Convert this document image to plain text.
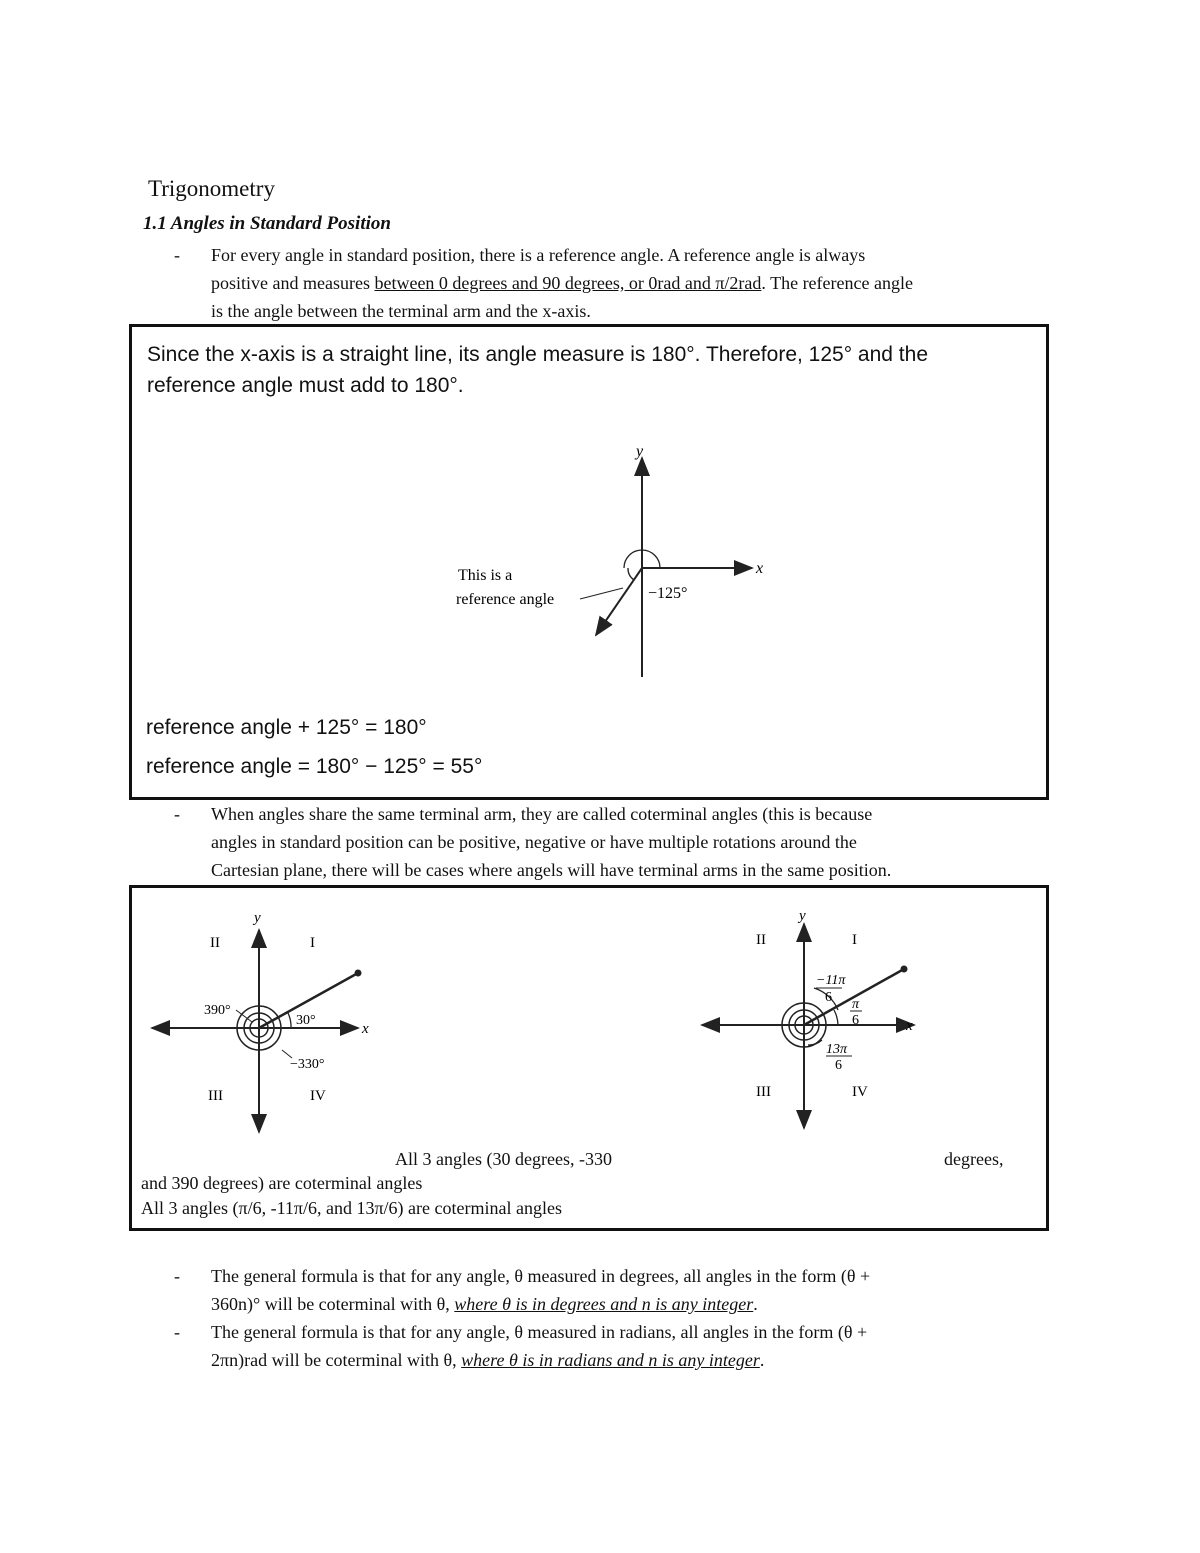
Trigonometry
1.1 Angles in Standard Position
- For every angle in standard position, there is a reference angle. A reference angle is always
positive and measures between 0 degrees and 90 degrees, or 0rad and π/2rad. The reference angle
is the angle between the terminal arm and the x-axis.
Since the x-axis is a straight line, its angle measure is 180°. Therefore, 125° and the
reference angle must add to 180°.
y
x
This is a
reference angle	−125°
reference angle + 125° = 180°
reference angle = 180° − 125° = 55°
- When angles share the same terminal arm, they are called coterminal angles (this is because
angles in standard position can be positive, negative or have multiple rotations around the
Cartesian plane, there will be cases where angels will have terminal arms in the same position.
y
x
II	I
III	IV
390°
30°
−330°
y
x
II	I
III	IV
−11π
6 π
6
13π
6
All 3 angles (30 degrees, -330	degrees,
and 390 degrees) are coterminal angles
All 3 angles (π/6, -11π/6, and 13π/6) are coterminal angles
- The general formula is that for any angle, θ measured in degrees, all angles in the form (θ +
360n)° will be coterminal with θ, where θ is in degrees and n is any integer.
- The general formula is that for any angle, θ measured in radians, all angles in the form (θ +
2πn)rad will be coterminal with θ, where θ is in radians and n is any integer.
